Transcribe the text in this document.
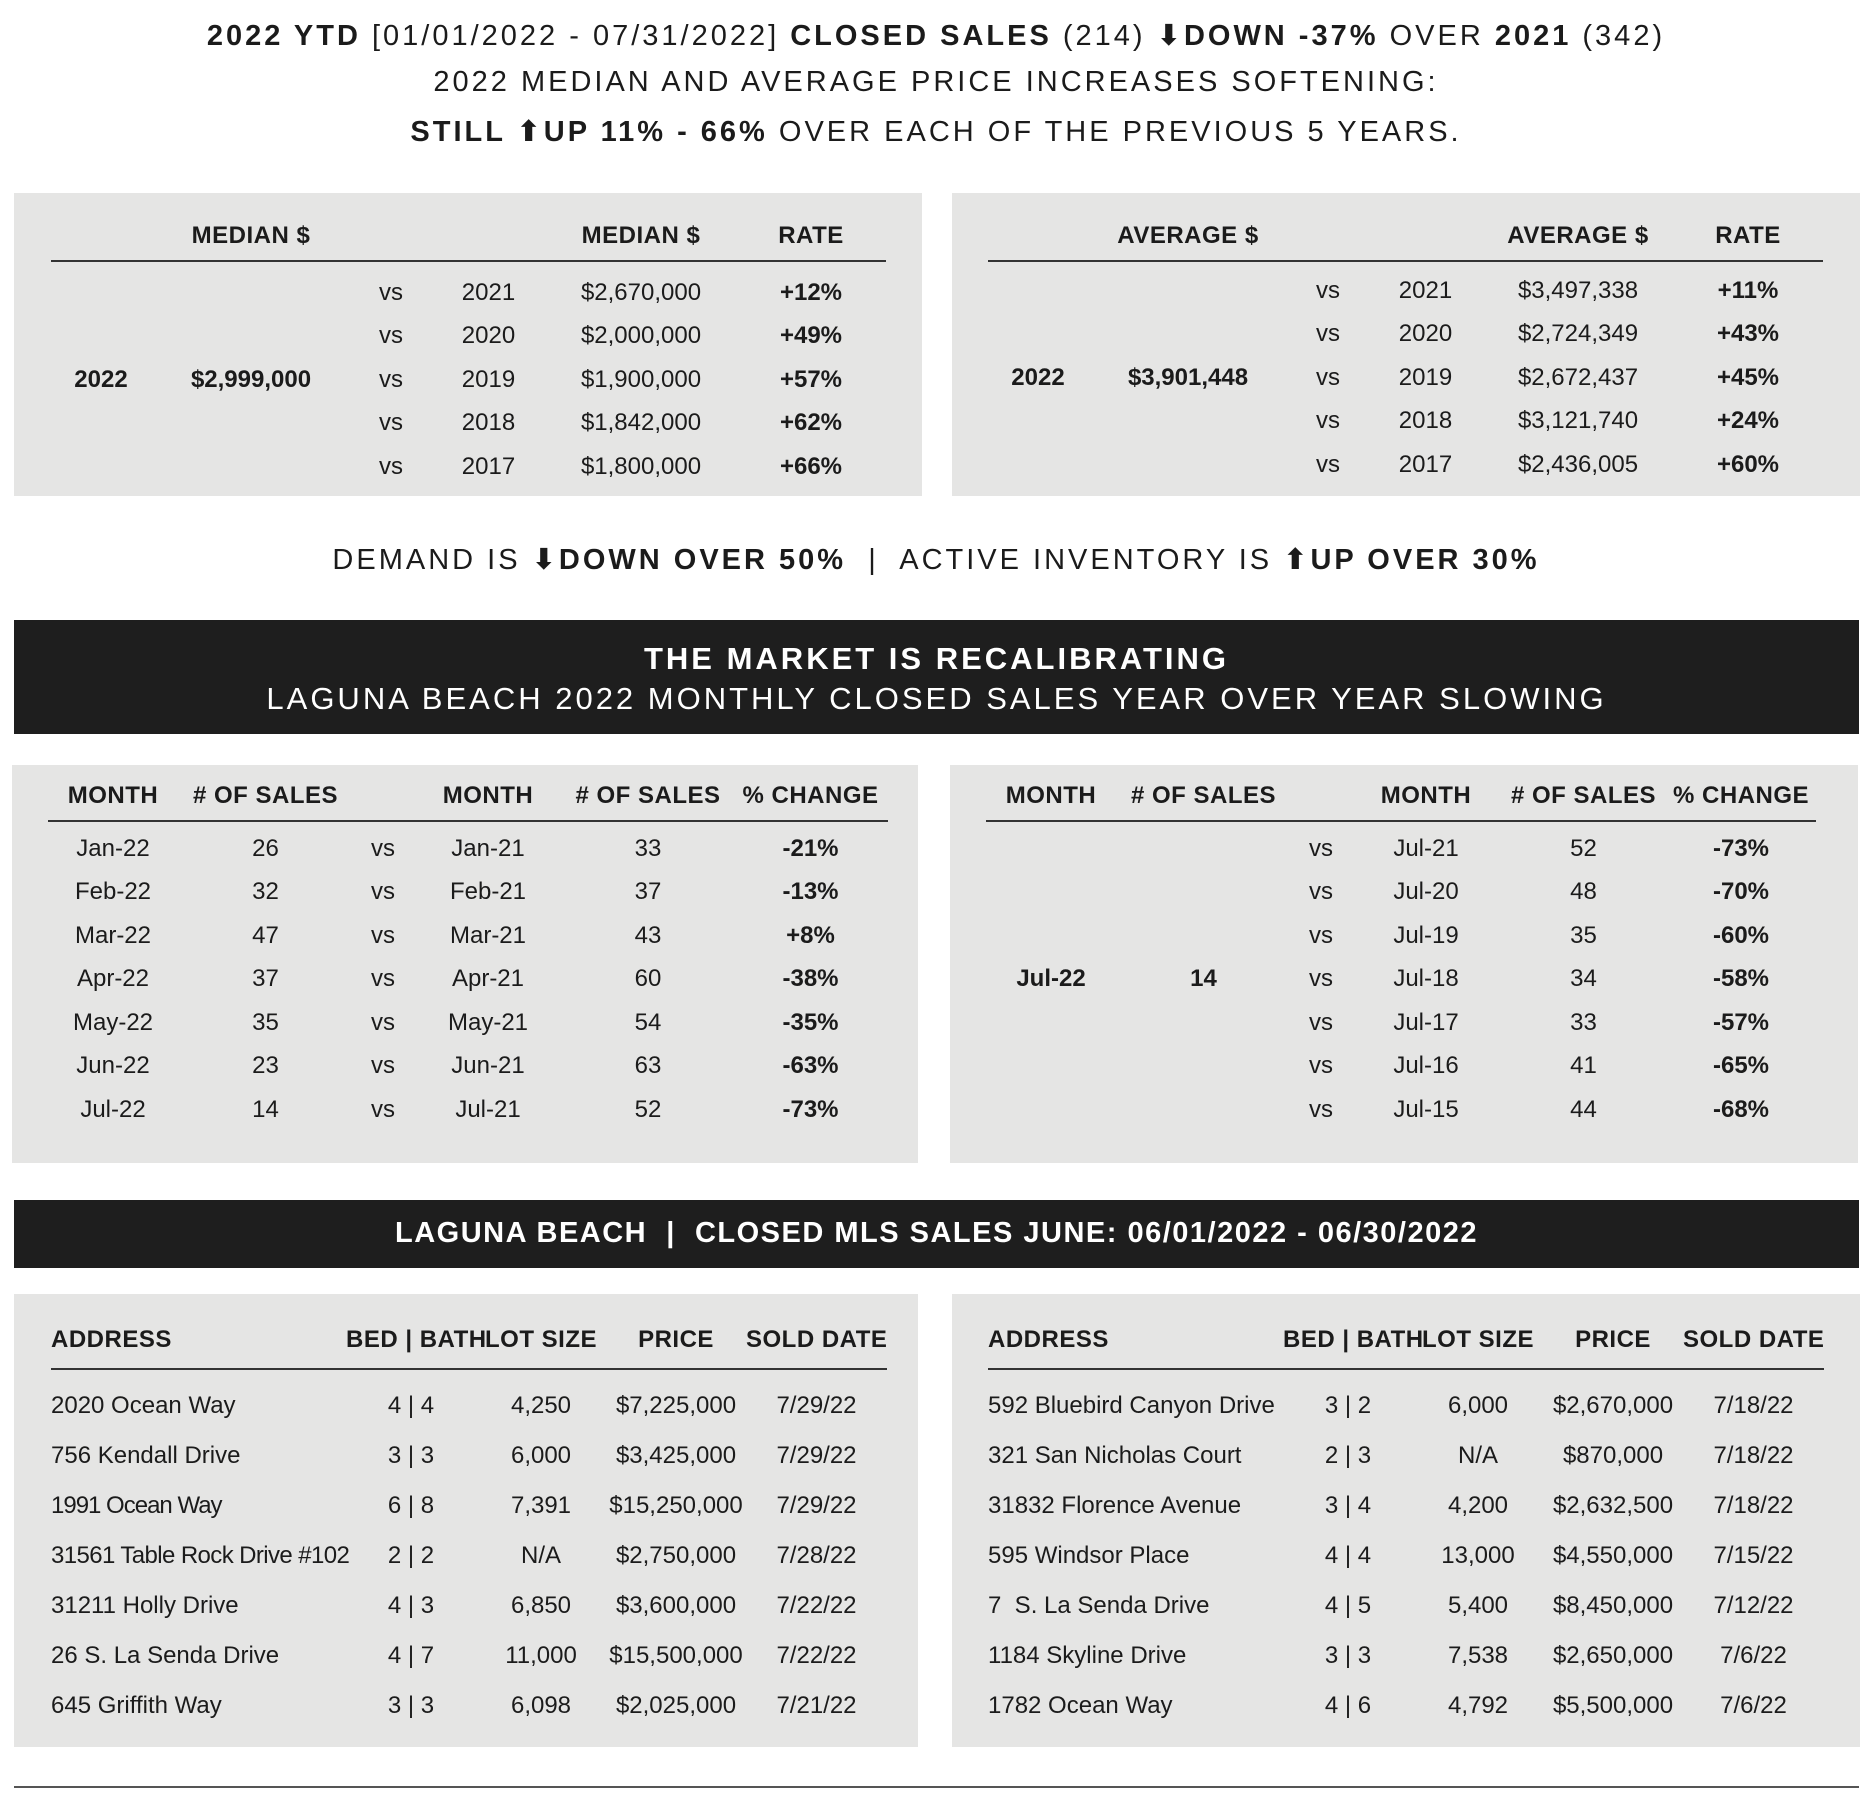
2022 YTD [01/01/2022 - 07/31/2022] CLOSED SALES (214) ⬇DOWN -37% OVER 2021 (342)
2022 MEDIAN AND AVERAGE PRICE INCREASES SOFTENING:
STILL ⬆UP 11% - 66% OVER EACH OF THE PREVIOUS 5 YEARS.
	MEDIAN $			MEDIAN $	RATE

2022	$2,999,000	vs	2021	$2,670,000	+12%
		vs	2020	$2,000,000	+49%
		vs	2019	$1,900,000	+57%
		vs	2018	$1,842,000	+62%
		vs	2017	$1,800,000	+66%
	AVERAGE $			AVERAGE $	RATE

2022	$3,901,448	vs	2021	$3,497,338	+11%
		vs	2020	$2,724,349	+43%
		vs	2019	$2,672,437	+45%
		vs	2018	$3,121,740	+24%
		vs	2017	$2,436,005	+60%
DEMAND IS ⬇DOWN OVER 50%  |  ACTIVE INVENTORY IS ⬆UP OVER 30%
THE MARKET IS RECALIBRATING
LAGUNA BEACH 2022 MONTHLY CLOSED SALES YEAR OVER YEAR SLOWING
MONTH	# OF SALES		MONTH	# OF SALES	% CHANGE

Jan-22	26	vs	Jan-21	33	-21%
Feb-22	32	vs	Feb-21	37	-13%
Mar-22	47	vs	Mar-21	43	+8%
Apr-22	37	vs	Apr-21	60	-38%
May-22	35	vs	May-21	54	-35%
Jun-22	23	vs	Jun-21	63	-63%
Jul-22	14	vs	Jul-21	52	-73%
MONTH	# OF SALES		MONTH	# OF SALES	% CHANGE

Jul-22	14	vs	Jul-21	52	-73%
		vs	Jul-20	48	-70%
		vs	Jul-19	35	-60%
		vs	Jul-18	34	-58%
		vs	Jul-17	33	-57%
		vs	Jul-16	41	-65%
		vs	Jul-15	44	-68%
LAGUNA BEACH  |  CLOSED MLS SALES JUNE: 06/01/2022 - 06/30/2022
ADDRESS	BED | BATH	LOT SIZE	PRICE	SOLD DATE

2020 Ocean Way	4 | 4	4,250	$7,225,000	7/29/22
756 Kendall Drive	3 | 3	6,000	$3,425,000	7/29/22
1991 Ocean Way	6 | 8	7,391	$15,250,000	7/29/22
31561 Table Rock Drive #102	2 | 2	N/A	$2,750,000	7/28/22
31211 Holly Drive	4 | 3	6,850	$3,600,000	7/22/22
26 S. La Senda Drive	4 | 7	11,000	$15,500,000	7/22/22
645 Griffith Way	3 | 3	6,098	$2,025,000	7/21/22
ADDRESS	BED | BATH	LOT SIZE	PRICE	SOLD DATE

592 Bluebird Canyon Drive	3 | 2	6,000	$2,670,000	7/18/22
321 San Nicholas Court	2 | 3	N/A	$870,000	7/18/22
31832 Florence Avenue	3 | 4	4,200	$2,632,500	7/18/22
595 Windsor Place	4 | 4	13,000	$4,550,000	7/15/22
7  S. La Senda Drive	4 | 5	5,400	$8,450,000	7/12/22
1184 Skyline Drive	3 | 3	7,538	$2,650,000	7/6/22
1782 Ocean Way	4 | 6	4,792	$5,500,000	7/6/22
